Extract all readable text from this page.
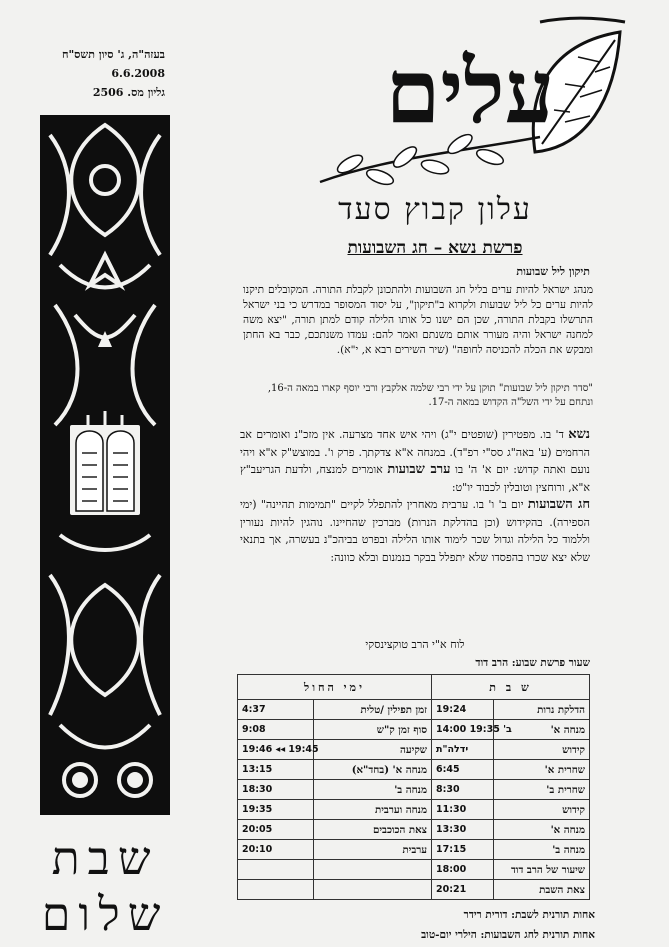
בעזה"ה, ג' סיון תשס"ח
6.6.2008
גליון מס. 2506
שבת
שלום
עלים
עלון קבוץ סעד
פרשת נשא – חג השבועות
תיקון ליל שבועות
מנהג ישראל להיות ערים בליל חג השבועות ולהתכונן לקבלת התורה. המקובלים תיקנו להיות ערים כל ליל שבועות ולקרוא ב"תיקון", על יסוד המסופר במדרש כי בני ישראל התרשלו בקבלת התורה, שכן הם ישנו כל אותו הלילה קודם למתן תורה, "יצא משה למחנה ישראל והיה מעורר אותם משנתם ואמר להם: עמדו משנתכם, כבר בא החתן ומבקש את הכלה להכניסה לחופה" (שיר השירים רבא א, י"א).
"סדר תיקון ליל שבועות" תוקן על ידי רבי שלמה אלקבץ ורבי יוסף קארו במאה ה-16, ונתחם על ידי השל"ה הקדוש במאה ה-17.
נשא ד' בו. מפטירין (שופטים י"ג) ויהי איש אחד מצרעה. אין מזכ"נ ואומרים אב הרחמים (ע' באה"ג סס"י רפ"ד). במנחה א"א צדקתך. פרק ו'. במוצש"ק א"א ויהי נועם ואתה קדוש: יום א' ה' בו ערב שבועות אומרים למנצח, ולדעת הגריעב"ץ א"א, ורוחצין וטובלין לכבוד יו"ט:
חג השבועות יום ב' ו' בו. ערבית מאחרין להתפלל לקיים "תמימות תהיינה" (ימי הספירה). בהקידוש (וכן בהדלקת הנרות) מברכין שהחיינו. נוהגין להיות נעורין וללמוד כל הלילה וגדול שכר לימוד אותו הלילה ובפרט בביהכ"נ בעשרה, אך בתנאי שלא יצא שכרו בהפסדו שלא יתפלל בבקר בנמנום ובלא כוונה:
לוח א"י הרב טוקצינסקי
שעור פרשת שבוע: הרב דוד
ש ב ת		ימי החול	
הדלקת נרות	19:24	זמן תפילין /טלית	4:37
מנחה א'	14:00 ב' 19:35	סוף זמן ק"ש	9:08
קידוש	ידלה"ת	שקיעה	19:46 ◂◂ 19:45
שחרית א'	6:45	מנחה א' (בחד"א)	13:15
שחרית ב'	8:30	מנחה ב'	18:30
קידוש	11:30	מנחה וערבית	19:35
מנחה א'	13:30	צאת הכוכבים	20:05
מנחה ב'	17:15	ערבית	20:10
שיעור של הרב דוד	18:00		
צאת השבת	20:21		
אחות תורנית לשבת: דורית רידר
אחות תורנית לחג השבועות: הילרי יום-טוב
